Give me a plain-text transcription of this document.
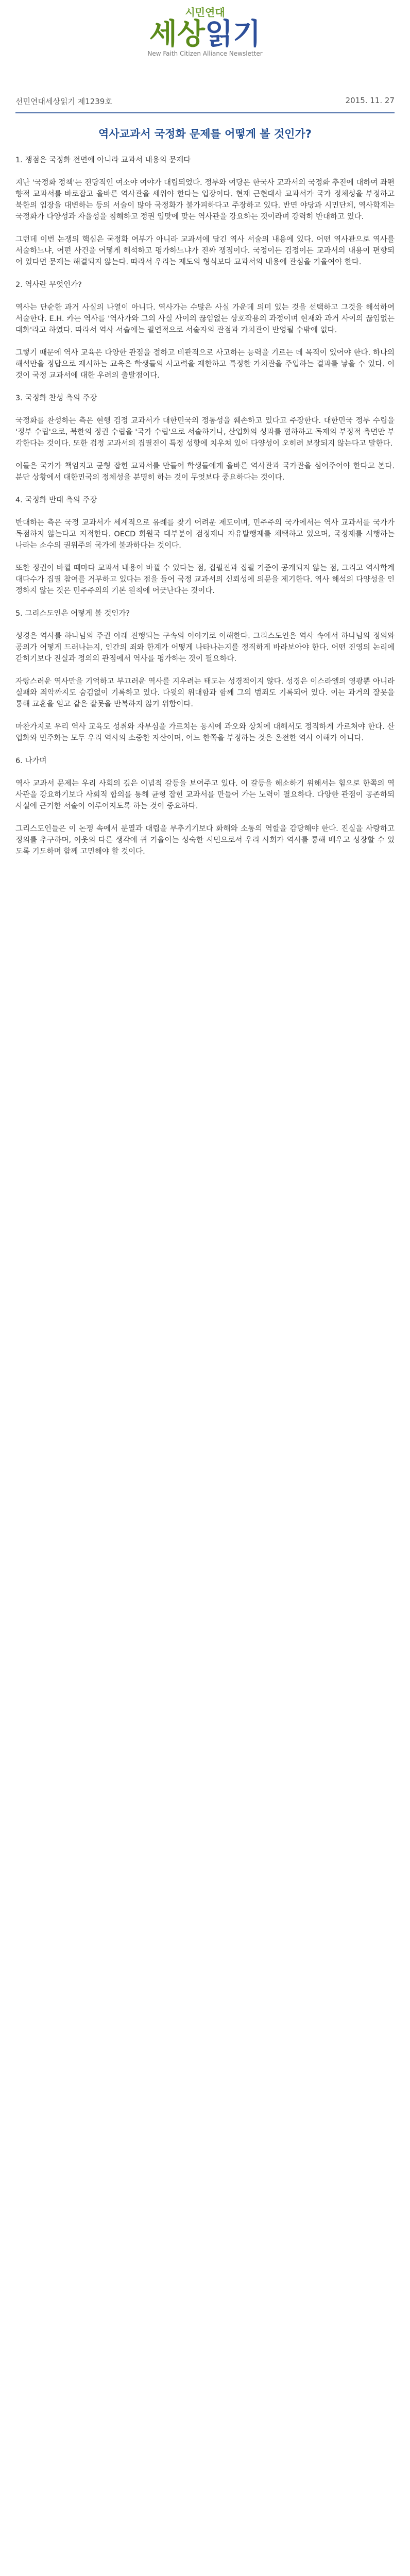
시민연대
세상읽기
New Faith Citizen Alliance Newsletter
선민연대세상읽기 제1239호	2015. 11. 27
역사교과서 국정화 문제를 어떻게 볼 것인가?

1. 쟁점은 국정화 전면에 아니라 교과서 내용의 문제다

지난 '국정화 정책'는 전당적인 여소야 여야가 대립되었다. 정부와 여당은 한국사 교과서의 국정화 추진에 대하여 좌편향적 교과서를 바로잡고 올바른 역사관을 세워야 한다는 입장이다. 현재 근현대사 교과서가 국가 정체성을 부정하고 북한의 입장을 대변하는 등의 서술이 많아 국정화가 불가피하다고 주장하고 있다. 반면 야당과 시민단체, 역사학계는 국정화가 다양성과 자율성을 침해하고 정권 입맛에 맞는 역사관을 강요하는 것이라며 강력히 반대하고 있다.

그런데 이번 논쟁의 핵심은 국정화 여부가 아니라 교과서에 담긴 역사 서술의 내용에 있다. 어떤 역사관으로 역사를 서술하느냐, 어떤 사건을 어떻게 해석하고 평가하느냐가 진짜 쟁점이다. 국정이든 검정이든 교과서의 내용이 편향되어 있다면 문제는 해결되지 않는다. 따라서 우리는 제도의 형식보다 교과서의 내용에 관심을 기울여야 한다.

2. 역사란 무엇인가?

역사는 단순한 과거 사실의 나열이 아니다. 역사가는 수많은 사실 가운데 의미 있는 것을 선택하고 그것을 해석하여 서술한다. E.H. 카는 역사를 '역사가와 그의 사실 사이의 끊임없는 상호작용의 과정이며 현재와 과거 사이의 끊임없는 대화'라고 하였다. 따라서 역사 서술에는 필연적으로 서술자의 관점과 가치관이 반영될 수밖에 없다.

그렇기 때문에 역사 교육은 다양한 관점을 접하고 비판적으로 사고하는 능력을 기르는 데 목적이 있어야 한다. 하나의 해석만을 정답으로 제시하는 교육은 학생들의 사고력을 제한하고 특정한 가치관을 주입하는 결과를 낳을 수 있다. 이것이 국정 교과서에 대한 우려의 출발점이다.

3. 국정화 찬성 측의 주장

국정화를 찬성하는 측은 현행 검정 교과서가 대한민국의 정통성을 훼손하고 있다고 주장한다. 대한민국 정부 수립을 '정부 수립'으로, 북한의 정권 수립을 '국가 수립'으로 서술하거나, 산업화의 성과를 폄하하고 독재의 부정적 측면만 부각한다는 것이다. 또한 검정 교과서의 집필진이 특정 성향에 치우쳐 있어 다양성이 오히려 보장되지 않는다고 말한다.

이들은 국가가 책임지고 균형 잡힌 교과서를 만들어 학생들에게 올바른 역사관과 국가관을 심어주어야 한다고 본다. 분단 상황에서 대한민국의 정체성을 분명히 하는 것이 무엇보다 중요하다는 것이다.

4. 국정화 반대 측의 주장

반대하는 측은 국정 교과서가 세계적으로 유례를 찾기 어려운 제도이며, 민주주의 국가에서는 역사 교과서를 국가가 독점하지 않는다고 지적한다. OECD 회원국 대부분이 검정제나 자유발행제를 채택하고 있으며, 국정제를 시행하는 나라는 소수의 권위주의 국가에 불과하다는 것이다.

또한 정권이 바뀔 때마다 교과서 내용이 바뀔 수 있다는 점, 집필진과 집필 기준이 공개되지 않는 점, 그리고 역사학계 대다수가 집필 참여를 거부하고 있다는 점을 들어 국정 교과서의 신뢰성에 의문을 제기한다. 역사 해석의 다양성을 인정하지 않는 것은 민주주의의 기본 원칙에 어긋난다는 것이다.

5. 그리스도인은 어떻게 볼 것인가?

성경은 역사를 하나님의 주권 아래 진행되는 구속의 이야기로 이해한다. 그리스도인은 역사 속에서 하나님의 정의와 공의가 어떻게 드러나는지, 인간의 죄와 한계가 어떻게 나타나는지를 정직하게 바라보아야 한다. 어떤 진영의 논리에 갇히기보다 진실과 정의의 관점에서 역사를 평가하는 것이 필요하다.

자랑스러운 역사만을 기억하고 부끄러운 역사를 지우려는 태도는 성경적이지 않다. 성경은 이스라엘의 영광뿐 아니라 실패와 죄악까지도 숨김없이 기록하고 있다. 다윗의 위대함과 함께 그의 범죄도 기록되어 있다. 이는 과거의 잘못을 통해 교훈을 얻고 같은 잘못을 반복하지 않기 위함이다.

마찬가지로 우리 역사 교육도 성취와 자부심을 가르치는 동시에 과오와 상처에 대해서도 정직하게 가르쳐야 한다. 산업화와 민주화는 모두 우리 역사의 소중한 자산이며, 어느 한쪽을 부정하는 것은 온전한 역사 이해가 아니다.

6. 나가며

역사 교과서 문제는 우리 사회의 깊은 이념적 갈등을 보여주고 있다. 이 갈등을 해소하기 위해서는 힘으로 한쪽의 역사관을 강요하기보다 사회적 합의를 통해 균형 잡힌 교과서를 만들어 가는 노력이 필요하다. 다양한 관점이 공존하되 사실에 근거한 서술이 이루어지도록 하는 것이 중요하다.

그리스도인들은 이 논쟁 속에서 분열과 대립을 부추기기보다 화해와 소통의 역할을 감당해야 한다. 진실을 사랑하고 정의를 추구하며, 이웃의 다른 생각에 귀 기울이는 성숙한 시민으로서 우리 사회가 역사를 통해 배우고 성장할 수 있도록 기도하며 함께 고민해야 할 것이다.
